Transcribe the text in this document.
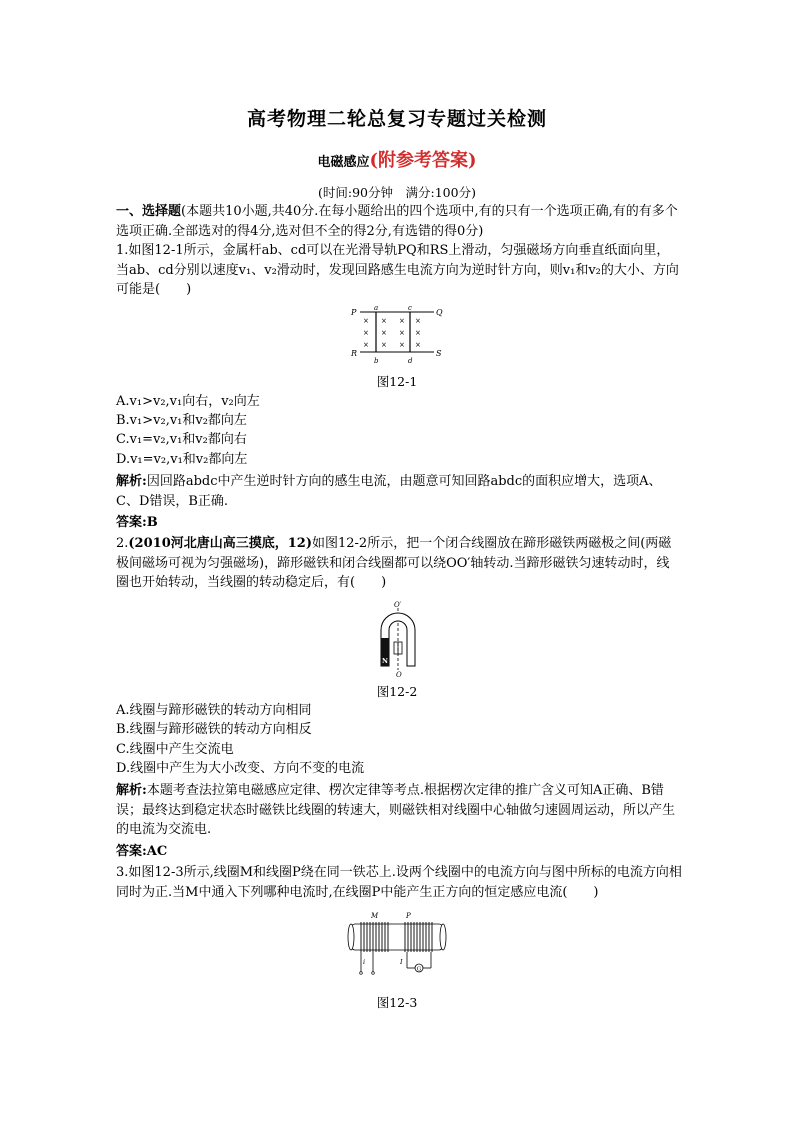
高考物理二轮总复习专题过关检测
电磁感应(附参考答案)
(时间:90分钟　满分:100分)

一、选择题(本题共10小题,共40分.在每小题给出的四个选项中,有的只有一个选项正确,有的有多个选项正确.全部选对的得4分,选对但不全的得2分,有选错的得0分)

1.如图12-1所示，金属杆ab、cd可以在光滑导轨PQ和RS上滑动，匀强磁场方向垂直纸面向里，当ab、cd分别以速度v₁、v₂滑动时，发现回路感生电流方向为逆时针方向，则v₁和v₂的大小、方向可能是(　　)

P	Q
R	S
a	c
b	d
× × × ×
× × × ×
× × × ×
图12-1
A.v₁>v₂,v₁向右，v₂向左
B.v₁>v₂,v₁和v₂都向左
C.v₁=v₂,v₁和v₂都向右
D.v₁=v₂,v₁和v₂都向左

解析:因回路abdc中产生逆时针方向的感生电流，由题意可知回路abdc的面积应增大，选项A、C、D错误，B正确.

答案:B

2.(2010河北唐山高三摸底，12)如图12-2所示，把一个闭合线圈放在蹄形磁铁两磁极之间(两磁极间磁场可视为匀强磁场)，蹄形磁铁和闭合线圈都可以绕OO′轴转动.当蹄形磁铁匀速转动时，线圈也开始转动，当线圈的转动稳定后，有(　　)

O′
N
O
图12-2
A.线圈与蹄形磁铁的转动方向相同
B.线圈与蹄形磁铁的转动方向相反
C.线圈中产生交流电
D.线圈中产生为大小改变、方向不变的电流

解析:本题考查法拉第电磁感应定律、楞次定律等考点.根据楞次定律的推广含义可知A正确、B错误；最终达到稳定状态时磁铁比线圈的转速大，则磁铁相对线圈中心轴做匀速圆周运动，所以产生的电流为交流电.

答案:AC

3.如图12-3所示,线圈M和线圈P绕在同一铁芯上.设两个线圈中的电流方向与图中所标的电流方向相同时为正.当M中通入下列哪种电流时,在线圈P中能产生正方向的恒定感应电流(　　)

M	P
i	I
G
图12-3
